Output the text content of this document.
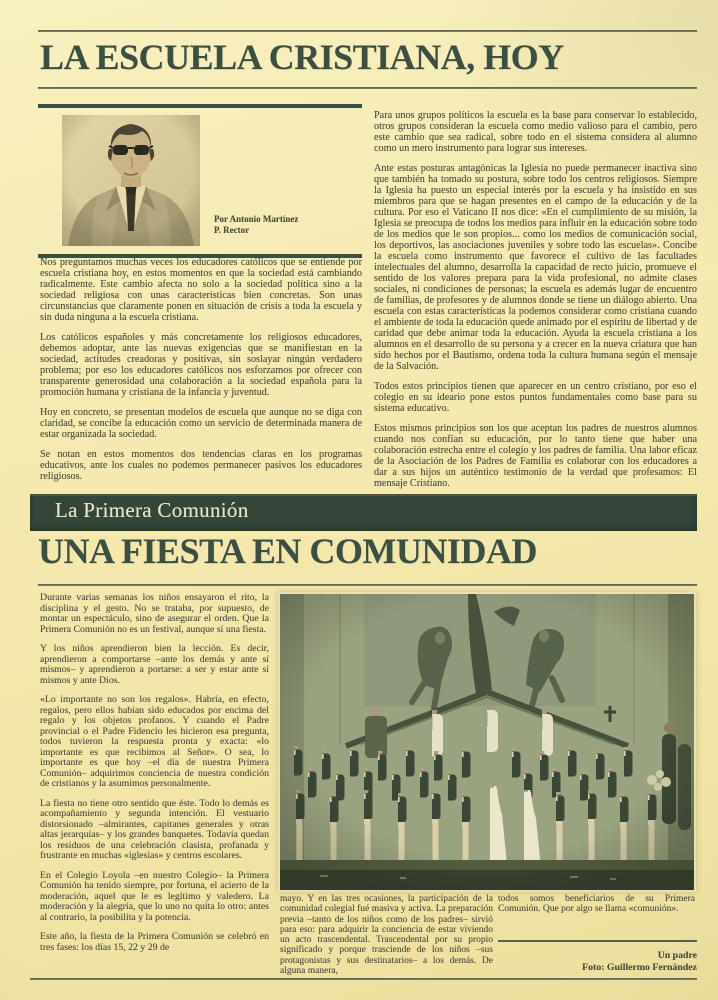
LA ESCUELA CRISTIANA, HOY
Por Antonio Martínez
P. Rector

Nos preguntamos muchas veces los educadores católicos que se entiende por escuela cristiana hoy, en estos momentos en que la sociedad está cambiando radicalmente. Este cambio afecta no solo a la sociedad política sino a la sociedad religiosa con unas características bien concretas. Son unas circunstancias que claramente ponen en situación de crisis a toda la escuela y sin duda ninguna a la escuela cristiana.

Los católicos españoles y más concretamente los religiosos educadores, debemos adoptar, ante las nuevas exigencias que se manifiestan en la sociedad, actitudes creadoras y positivas, sin soslayar ningún verdadero problema; por eso los educadores católicos nos esforzamos por ofrecer con transparente generosidad una colaboración a la sociedad española para la promoción humana y cristiana de la infancia y juventud.

Hoy en concreto, se presentan modelos de escuela que aunque no se diga con claridad, se concibe la educación como un servicio de determinada manera de estar organizada la sociedad.

Se notan en estos momentos dos tendencias claras en los programas educativos, ante los cuales no podemos permanecer pasivos los educadores religiosos.

Para unos grupos políticos la escuela es la base para conservar lo establecido, otros grupos consideran la escuela como medio valioso para el cambio, pero este cambio que sea radical, sobre todo en el sistema considera al alumno como un mero instrumento para lograr sus intereses.

Ante estas posturas antagónicas la Iglesia no puede permanecer inactiva sino que también ha tomado su postura, sobre todo los centros religiosos. Siempre la Iglesia ha puesto un especial interés por la escuela y ha insistido en sus miembros para que se hagan presentes en el campo de la educación y de la cultura. Por eso el Vaticano II nos dice: «En el cumplimiento de su misión, la Iglesia se preocupa de todos los medios para influir en la educación sobre todo de los medios que le son propios... como los medios de comunicación social, los deportivos, las asociaciones juveniles y sobre todo las escuelas». Concibe la escuela como instrumento que favorece el cultivo de las facultades intelectuales del alumno, desarrolla la capacidad de recto juicio, promueve el sentido de los valores prepara para la vida profesional, no admite clases sociales, ni condiciones de personas; la escuela es además lugar de encuentro de familias, de profesores y de alumnos donde se tiene un diálogo abierto. Una escuela con estas características la podemos considerar como cristiana cuando el ambiente de toda la educación quede animado por el espíritu de libertad y de caridad que debe animar toda la educación. Ayuda la escuela cristiana a los alumnos en el desarrollo de su persona y a crecer en la nueva criatura que han sido hechos por el Bautismo, ordena toda la cultura humana según el mensaje de la Salvación.

Todos estos principios tienen que aparecer en un centro cristiano, por eso el colegio en su ideario pone estos puntos fundamentales como base para su sistema educativo.

Estos mismos principios son los que aceptan los padres de nuestros alumnos cuando nos confían su educación, por lo tanto tiene que haber una colaboración estrecha entre el colegio y los padres de familia. Una labor eficaz de la Asociación de los Padres de Familia es colaborar con los educadores a dar a sus hijos un auténtico testimonio de la verdad que profesamos: El mensaje Cristiano.

La Primera Comunión
UNA FIESTA EN COMUNIDAD

Durante varias semanas los niños ensayaron el rito, la disciplina y el gesto. No se trataba, por supuesto, de montar un espectáculo, sino de asegurar el orden. Que la Primera Comunión no es un festival, aunque sí una fiesta.

Y los niños aprendieron bien la lección. Es decir, aprendieron a comportarse –ante los demás y ante sí mismos– y aprendieron a portarse: a ser y estar ante sí mismos y ante Dios.

«Lo importante no son los regalos». Habría, en efecto, regalos, pero ellos habían sido educados por encima del regalo y los objetos profanos. Y cuando el Padre provincial o el Padre Fidencio les hicieron esa pregunta, todos tuvieron la respuesta pronta y exacta: «lo importante es que recibimos al Señor». O sea, lo importante es que hoy –el día de nuestra Primera Comunión– adquirimos conciencia de nuestra condición de cristianos y la asumimos personalmente.

La fiesta no tiene otro sentido que éste. Todo lo demás es acompañamiento y segunda intención. El vestuario distorsionado –almirantes, capitanes generales y otras altas jerarquías– y los grandes banquetes. Todavía quedan los residuos de una celebración clasista, profanada y frustrante en muchas «iglesias» y centros escolares.

En el Colegio Loyola –en nuestro Colegio– la Primera Comunión ha tenido siempre, por fortuna, el acierto de la moderación, aquel que le es legítimo y valedero. La moderación y la alegría, que lo uno no quita lo otro: antes al contrario, la posibilita y la potencia.

Este año, la fiesta de la Primera Comunión se celebró en tres fases: los días 15, 22 y 29 de

mayo. Y en las tres ocasiones, la participación de la comunidad colegial fué masiva y activa. La preparación previa –tanto de los niños como de los padres– sirvió para eso: para adquirir la conciencia de estar viviendo un acto trascendental. Trascendental por su propio significado y porque trasciende de los niños –sus protagonistas y sus destinatarios– a los demás. De alguna manera,

todos somos beneficiarios de su Primera Comunión. Que por algo se llama «comunión».

Un padre
Foto: Guillermo Fernández
